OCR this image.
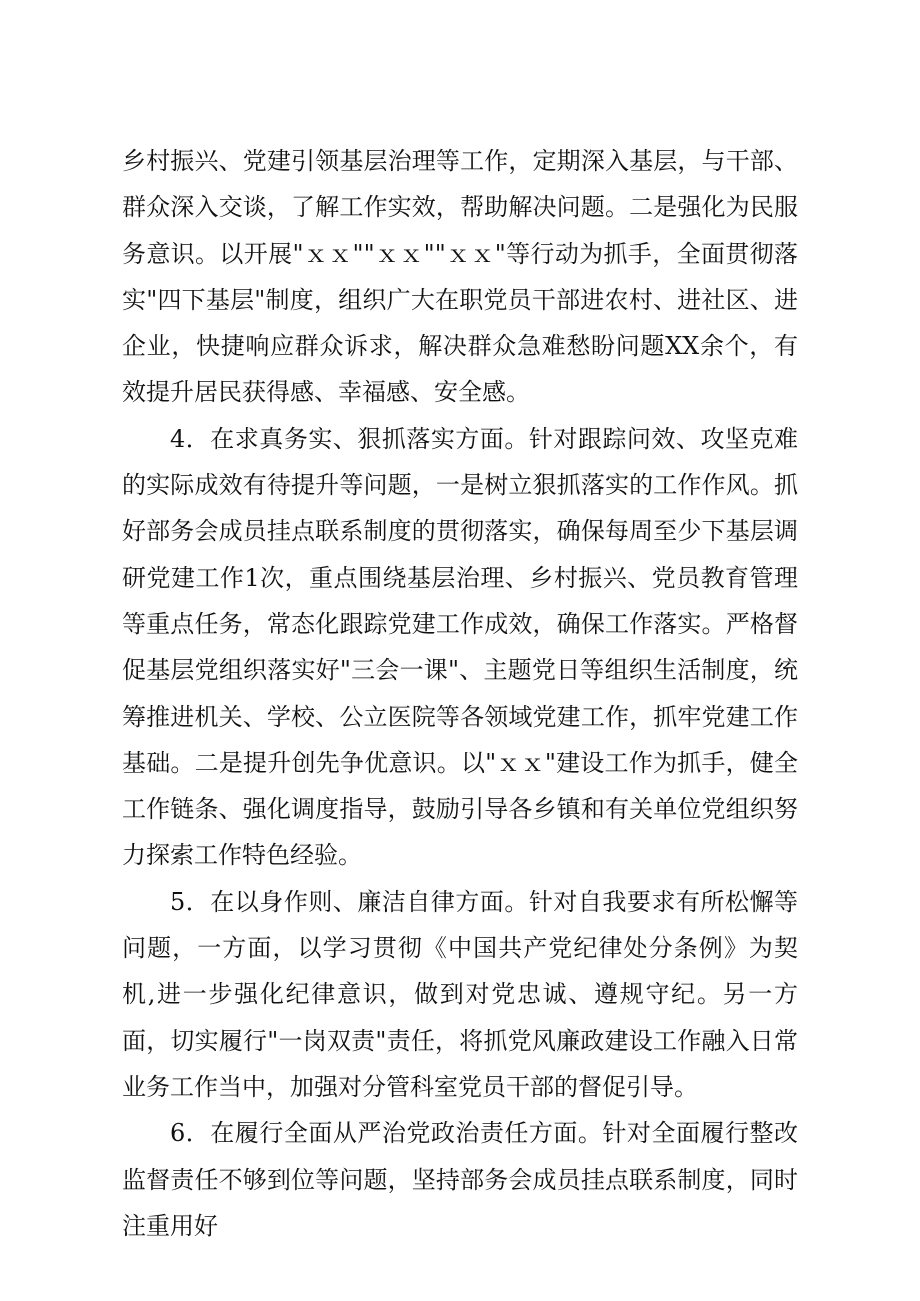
乡村振兴、党建引领基层治理等工作，定期深入基层，与干部、群众深入交谈，了解工作实效，帮助解决问题。二是强化为民服务意识。以开展"ｘｘ""ｘｘ""ｘｘ"等行动为抓手，全面贯彻落实"四下基层"制度，组织广大在职党员干部进农村、进社区、进企业，快捷响应群众诉求，解决群众急难愁盼问题XX余个，有效提升居民获得感、幸福感、安全感。

4．在求真务实、狠抓落实方面。针对跟踪问效、攻坚克难的实际成效有待提升等问题，一是树立狠抓落实的工作作风。抓好部务会成员挂点联系制度的贯彻落实，确保每周至少下基层调研党建工作1次，重点围绕基层治理、乡村振兴、党员教育管理等重点任务，常态化跟踪党建工作成效，确保工作落实。严格督促基层党组织落实好"三会一课"、主题党日等组织生活制度，统筹推进机关、学校、公立医院等各领域党建工作，抓牢党建工作基础。二是提升创先争优意识。以"ｘｘ"建设工作为抓手，健全工作链条、强化调度指导，鼓励引导各乡镇和有关单位党组织努力探索工作特色经验。

5．在以身作则、廉洁自律方面。针对自我要求有所松懈等问题，一方面，以学习贯彻《中国共产党纪律处分条例》为契机,进一步强化纪律意识，做到对党忠诚、遵规守纪。另一方面，切实履行"一岗双责"责任，将抓党风廉政建设工作融入日常业务工作当中，加强对分管科室党员干部的督促引导。

6．在履行全面从严治党政治责任方面。针对全面履行整改监督责任不够到位等问题，坚持部务会成员挂点联系制度，同时注重用好
